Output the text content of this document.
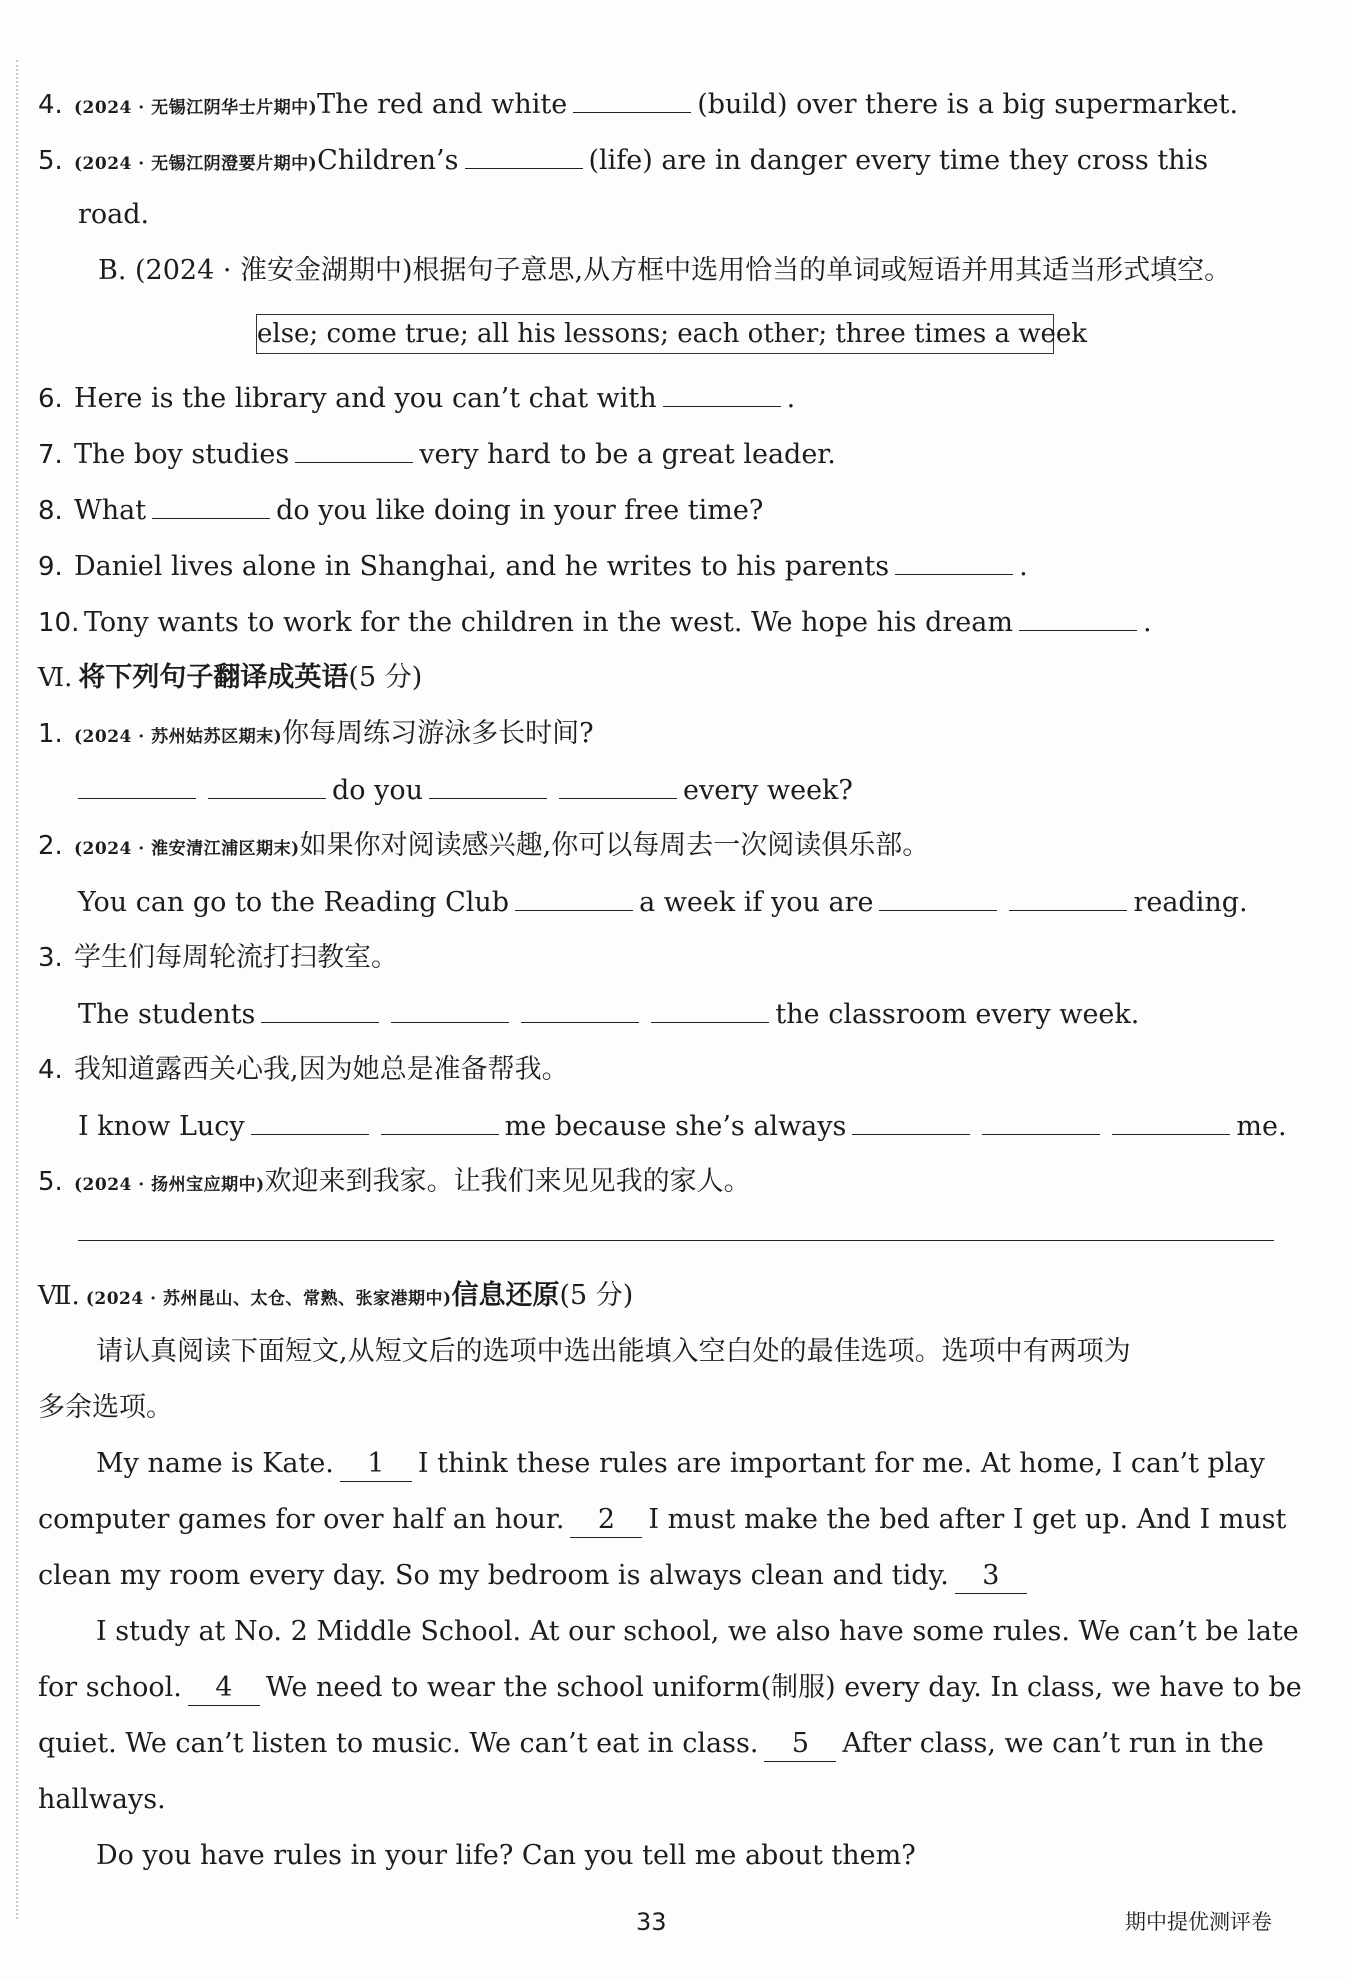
4. (2024 · 无锡江阴华士片期中)The red and white	(build) over there is a big supermarket.
5. (2024 · 无锡江阴澄要片期中)Children’s	(life) are in danger every time they cross this
road.
B. (2024 · 淮安金湖期中)根据句子意思,从方框中选用恰当的单词或短语并用其适当形式填空。
else; come true; all his lessons; each other; three times a week
6. Here is the library and you can’t chat with	.
7. The boy studies	very hard to be a great leader.
8. What	do you like doing in your free time?
9. Daniel lives alone in Shanghai, and he writes to his parents	.
10. Tony wants to work for the children in the west. We hope his dream	.
Ⅵ. 将下列句子翻译成英语(5 分)
1. (2024 · 苏州姑苏区期末)你每周练习游泳多长时间?
do you	every week?
2. (2024 · 淮安清江浦区期末)如果你对阅读感兴趣,你可以每周去一次阅读俱乐部。
You can go to the Reading Club	a week if you are	reading.
3. 学生们每周轮流打扫教室。
The students	the classroom every week.
4. 我知道露西关心我,因为她总是准备帮我。
I know Lucy	me because she’s always	me.
5. (2024 · 扬州宝应期中)欢迎来到我家。让我们来见见我的家人。
Ⅶ. (2024 · 苏州昆山、太仓、常熟、张家港期中)信息还原(5 分)
请认真阅读下面短文,从短文后的选项中选出能填入空白处的最佳选项。选项中有两项为
多余选项。
My name is Kate. 1 I think these rules are important for me. At home, I can’t play
computer games for over half an hour. 2 I must make the bed after I get up. And I must
clean my room every day. So my bedroom is always clean and tidy. 3
I study at No. 2 Middle School. At our school, we also have some rules. We can’t be late
for school. 4 We need to wear the school uniform(制服) every day. In class, we have to be
quiet. We can’t listen to music. We can’t eat in class. 5 After class, we can’t run in the
hallways.
Do you have rules in your life? Can you tell me about them?
33	期中提优测评卷
